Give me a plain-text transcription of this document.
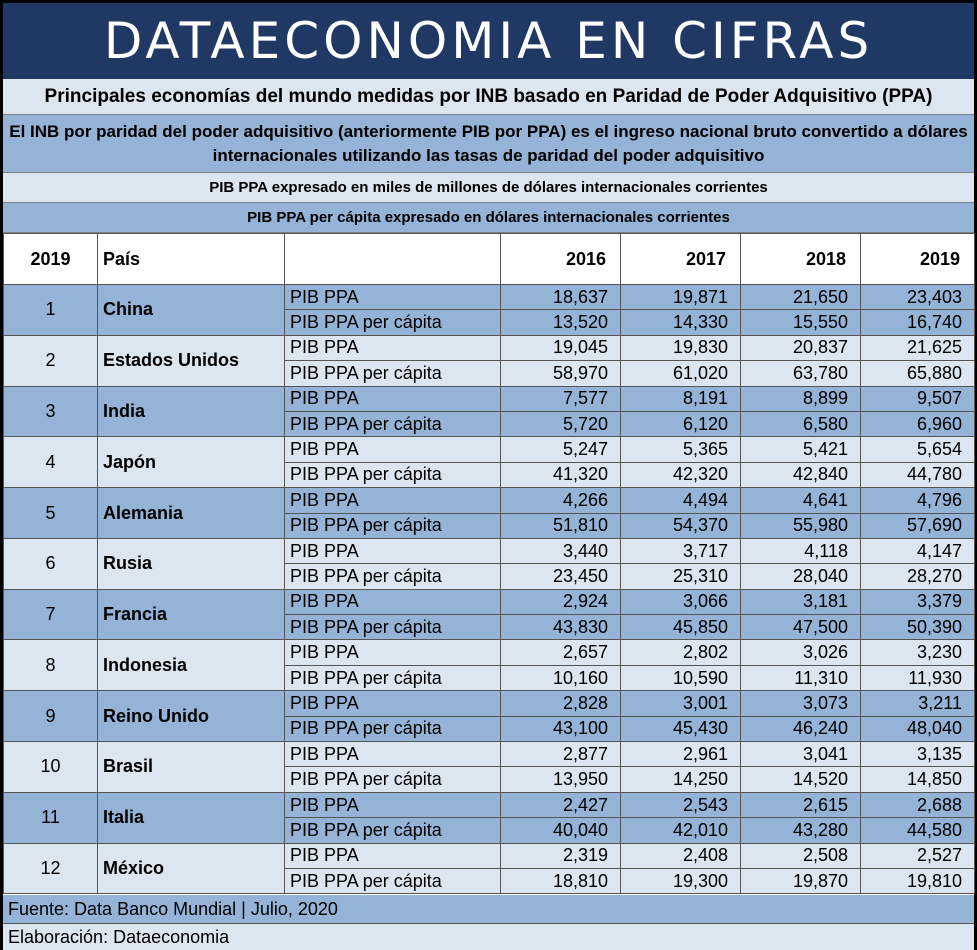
DATAECONOMIA EN CIFRAS
Principales economías del mundo medidas por INB basado en Paridad de Poder Adquisitivo (PPA)
El INB por paridad del poder adquisitivo (anteriormente PIB por PPA) es el ingreso nacional bruto convertido a dólares
internacionales utilizando las tasas de paridad del poder adquisitivo
PIB PPA expresado en miles de millones de dólares internacionales corrientes
PIB PPA per cápita expresado en dólares internacionales corrientes
2019	País		2016	2017	2018	2019
1	China	PIB PPA	18,637	19,871	21,650	23,403
		PIB PPA per cápita	13,520	14,330	15,550	16,740
2	Estados Unidos	PIB PPA	19,045	19,830	20,837	21,625
		PIB PPA per cápita	58,970	61,020	63,780	65,880
3	India	PIB PPA	7,577	8,191	8,899	9,507
		PIB PPA per cápita	5,720	6,120	6,580	6,960
4	Japón	PIB PPA	5,247	5,365	5,421	5,654
		PIB PPA per cápita	41,320	42,320	42,840	44,780
5	Alemania	PIB PPA	4,266	4,494	4,641	4,796
		PIB PPA per cápita	51,810	54,370	55,980	57,690
6	Rusia	PIB PPA	3,440	3,717	4,118	4,147
		PIB PPA per cápita	23,450	25,310	28,040	28,270
7	Francia	PIB PPA	2,924	3,066	3,181	3,379
		PIB PPA per cápita	43,830	45,850	47,500	50,390
8	Indonesia	PIB PPA	2,657	2,802	3,026	3,230
		PIB PPA per cápita	10,160	10,590	11,310	11,930
9	Reino Unido	PIB PPA	2,828	3,001	3,073	3,211
		PIB PPA per cápita	43,100	45,430	46,240	48,040
10	Brasil	PIB PPA	2,877	2,961	3,041	3,135
		PIB PPA per cápita	13,950	14,250	14,520	14,850
11	Italia	PIB PPA	2,427	2,543	2,615	2,688
		PIB PPA per cápita	40,040	42,010	43,280	44,580
12	México	PIB PPA	2,319	2,408	2,508	2,527
		PIB PPA per cápita	18,810	19,300	19,870	19,810
Fuente: Data Banco Mundial | Julio, 2020
Elaboración: Dataeconomia
